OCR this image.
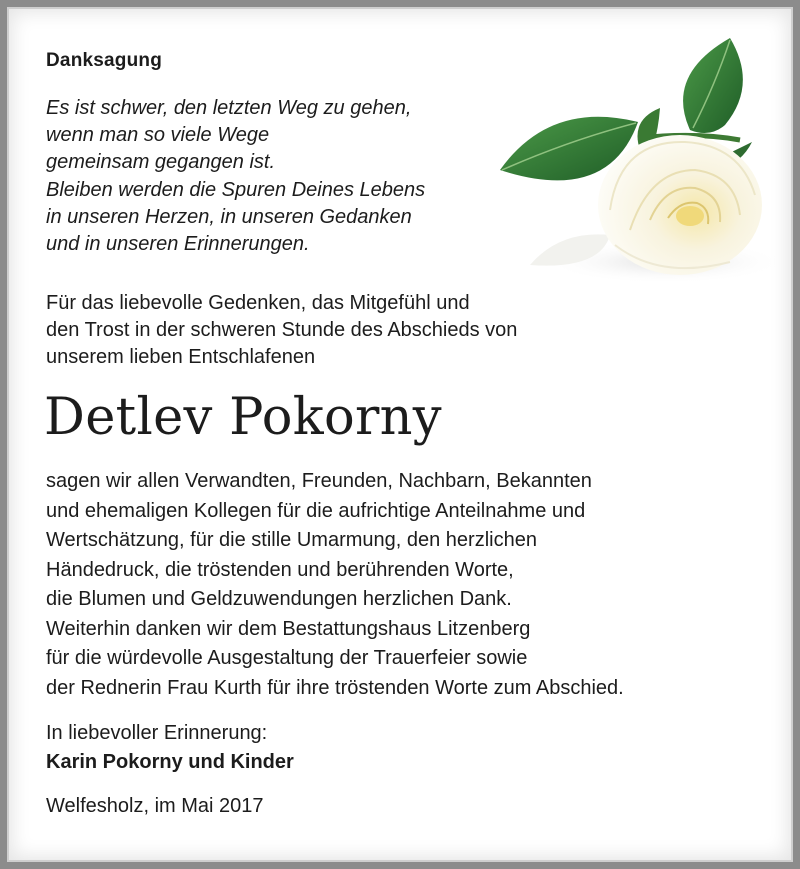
Danksagung
Es ist schwer, den letzten Weg zu gehen,
wenn man so viele Wege
gemeinsam gegangen ist.
Bleiben werden die Spuren Deines Lebens
in unseren Herzen, in unseren Gedanken
und in unseren Erinnerungen.
Für das liebevolle Gedenken, das Mitgefühl und
den Trost in der schweren Stunde des Abschieds von
unserem lieben Entschlafenen
Detlev Pokorny
sagen wir allen Verwandten, Freunden, Nachbarn, Bekannten
und ehemaligen Kollegen für die aufrichtige Anteilnahme und
Wertschätzung, für die stille Umarmung, den herzlichen
Händedruck, die tröstenden und berührenden Worte,
die Blumen und Geldzuwendungen herzlichen Dank.
Weiterhin danken wir dem Bestattungshaus Litzenberg
für die würdevolle Ausgestaltung der Trauerfeier sowie
der Rednerin Frau Kurth für ihre tröstenden Worte zum Abschied.
In liebevoller Erinnerung:
Karin Pokorny und Kinder
Welfesholz, im Mai 2017
